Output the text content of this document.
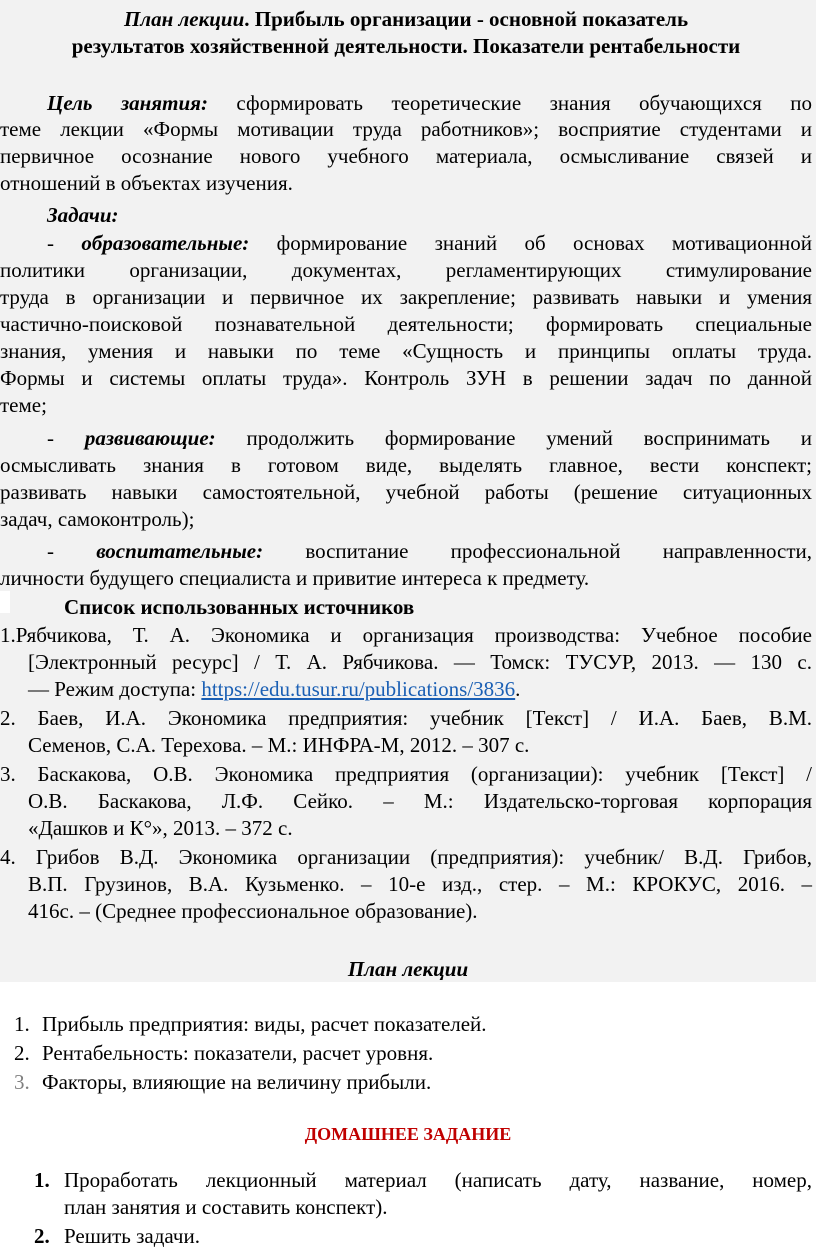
План лекции. Прибыль организации - основной показатель
результатов хозяйственной деятельности. Показатели рентабельности
Цель занятия: сформировать теоретические знания обучающихся по
теме лекции «Формы мотивации труда работников»; восприятие студентами и
первичное осознание нового учебного материала, осмысливание связей и
отношений в объектах изучения.
Задачи:
- образовательные: формирование знаний об основах мотивационной
политики организации, документах, регламентирующих стимулирование
труда в организации и первичное их закрепление; развивать навыки и умения
частично-поисковой познавательной деятельности; формировать специальные
знания, умения и навыки по теме «Сущность и принципы оплаты труда.
Формы и системы оплаты труда». Контроль ЗУН в решении задач по данной
теме;
- развивающие: продолжить формирование умений воспринимать и
осмысливать знания в готовом виде, выделять главное, вести конспект;
развивать навыки самостоятельной, учебной работы (решение ситуационных
задач, самоконтроль);
- воспитательные: воспитание профессиональной направленности,
личности будущего специалиста и привитие интереса к предмету.
Список использованных источников
1.Рябчикова, Т. А. Экономика и организация производства: Учебное пособие
[Электронный ресурс] / Т. А. Рябчикова. — Томск: ТУСУР, 2013. — 130 с.
— Режим доступа: https://edu.tusur.ru/publications/3836.
2. Баев, И.А. Экономика предприятия: учебник [Текст] / И.А. Баев, В.М.
Семенов, С.А. Терехова. – М.: ИНФРА-М, 2012. – 307 с.
3. Баскакова, О.В. Экономика предприятия (организации): учебник [Текст] /
О.В. Баскакова, Л.Ф. Сейко. – М.: Издательско-торговая корпорация
«Дашков и К°», 2013. – 372 с.
4. Грибов В.Д. Экономика организации (предприятия): учебник/ В.Д. Грибов,
В.П. Грузинов, В.А. Кузьменко. – 10-е изд., стер. – М.: КРОКУС, 2016. –
416с. – (Среднее профессиональное образование).
План лекции
1. Прибыль предприятия: виды, расчет показателей.
2. Рентабельность: показатели, расчет уровня.
3. Факторы, влияющие на величину прибыли.
ДОМАШНЕЕ ЗАДАНИЕ
1. Проработать лекционный материал (написать дату, название, номер,
план занятия и составить конспект).
2. Решить задачи.
